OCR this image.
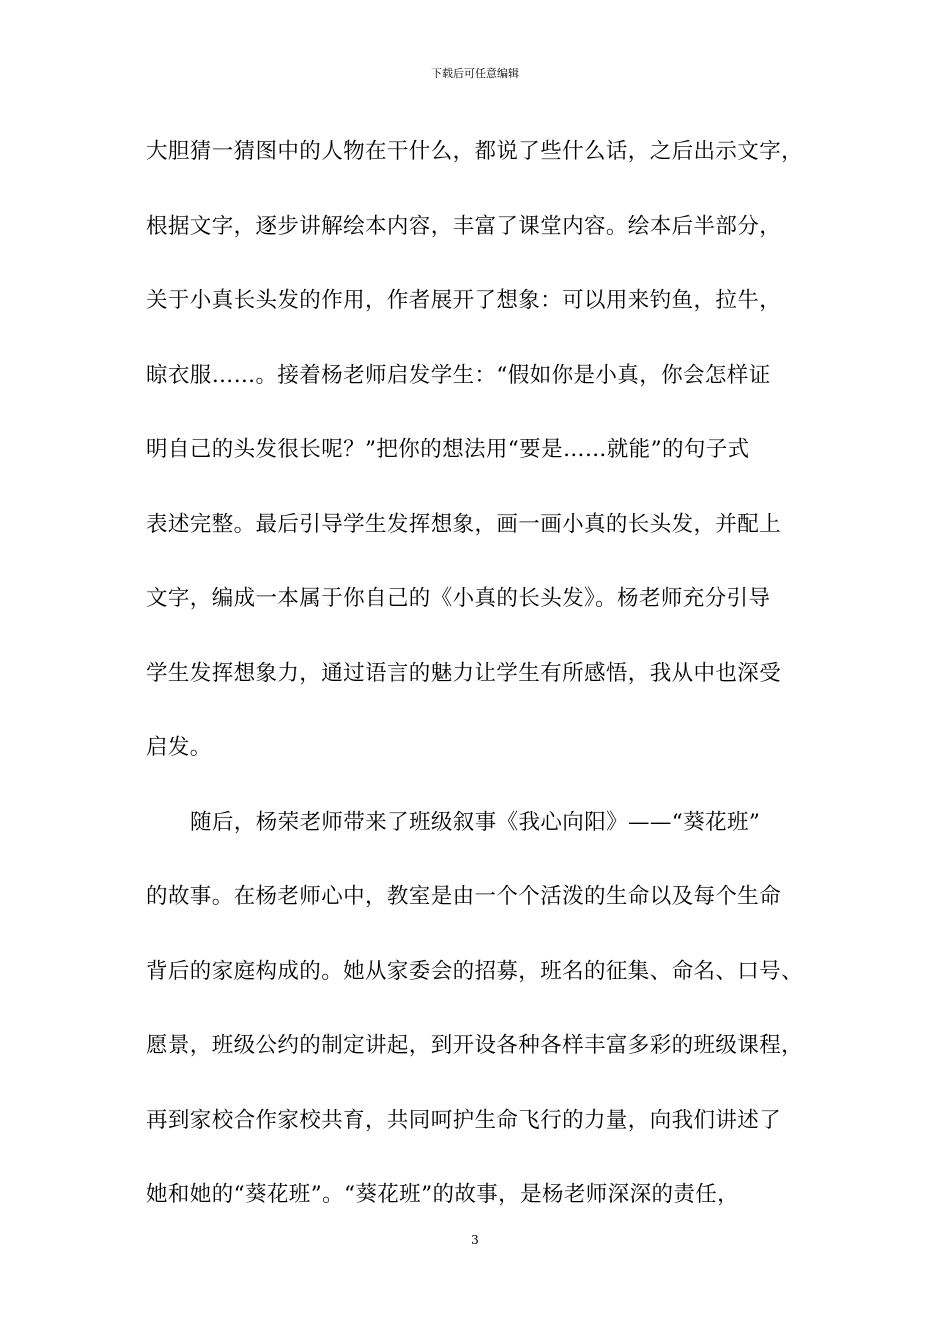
下载后可任意编辑
大胆猜一猜图中的人物在干什么，都说了些什么话，之后出示文字，
根据文字，逐步讲解绘本内容，丰富了课堂内容。绘本后半部分，
关于小真长头发的作用，作者展开了想象：可以用来钓鱼，拉牛，
晾衣服……。接着杨老师启发学生：“假如你是小真，你会怎样证
明自己的头发很长呢？”把你的想法用“要是……就能”的句子式
表述完整。最后引导学生发挥想象，画一画小真的长头发，并配上
文字，编成一本属于你自己的《小真的长头发》。杨老师充分引导
学生发挥想象力，通过语言的魅力让学生有所感悟，我从中也深受
启发。
随后，杨荣老师带来了班级叙事《我心向阳》——“葵花班”
的故事。在杨老师心中，教室是由一个个活泼的生命以及每个生命
背后的家庭构成的。她从家委会的招募，班名的征集、命名、口号、
愿景，班级公约的制定讲起，到开设各种各样丰富多彩的班级课程，
再到家校合作家校共育，共同呵护生命飞行的力量，向我们讲述了
她和她的“葵花班”。“葵花班”的故事，是杨老师深深的责任，
3
